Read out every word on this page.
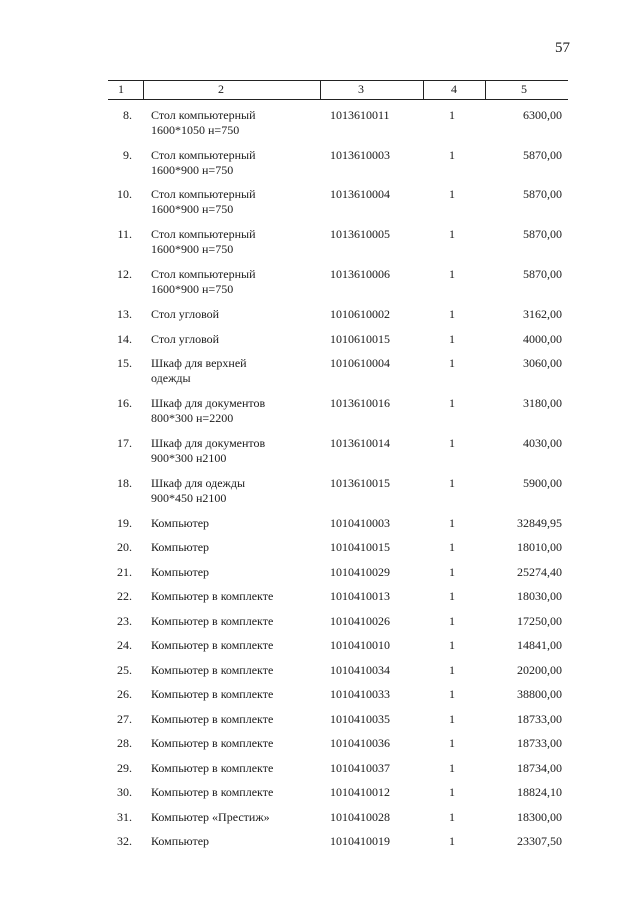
57
1	2	3	4	5
8. Стол компьютерный
1600*1050 н=750
1013610011	1	6300,00
9. Стол компьютерный
1600*900 н=750
1013610003	1	5870,00
10. Стол компьютерный
1600*900 н=750
1013610004	1	5870,00
11. Стол компьютерный
1600*900 н=750
1013610005	1	5870,00
12. Стол компьютерный
1600*900 н=750
1013610006	1	5870,00
13. Стол угловой	1010610002	1	3162,00
14. Стол угловой	1010610015	1	4000,00
15. Шкаф для верхней
одежды
1010610004	1	3060,00
16. Шкаф для документов
800*300 н=2200
1013610016	1	3180,00
17. Шкаф для документов
900*300 н2100
1013610014	1	4030,00
18. Шкаф для одежды
900*450 н2100
1013610015	1	5900,00
19. Компьютер	1010410003	1	32849,95
20. Компьютер	1010410015	1	18010,00
21. Компьютер	1010410029	1	25274,40
22. Компьютер в комплекте	1010410013	1	18030,00
23. Компьютер в комплекте	1010410026	1	17250,00
24. Компьютер в комплекте	1010410010	1	14841,00
25. Компьютер в комплекте	1010410034	1	20200,00
26. Компьютер в комплекте	1010410033	1	38800,00
27. Компьютер в комплекте	1010410035	1	18733,00
28. Компьютер в комплекте	1010410036	1	18733,00
29. Компьютер в комплекте	1010410037	1	18734,00
30. Компьютер в комплекте	1010410012	1	18824,10
31. Компьютер «Престиж»	1010410028	1	18300,00
32. Компьютер	1010410019	1	23307,50
